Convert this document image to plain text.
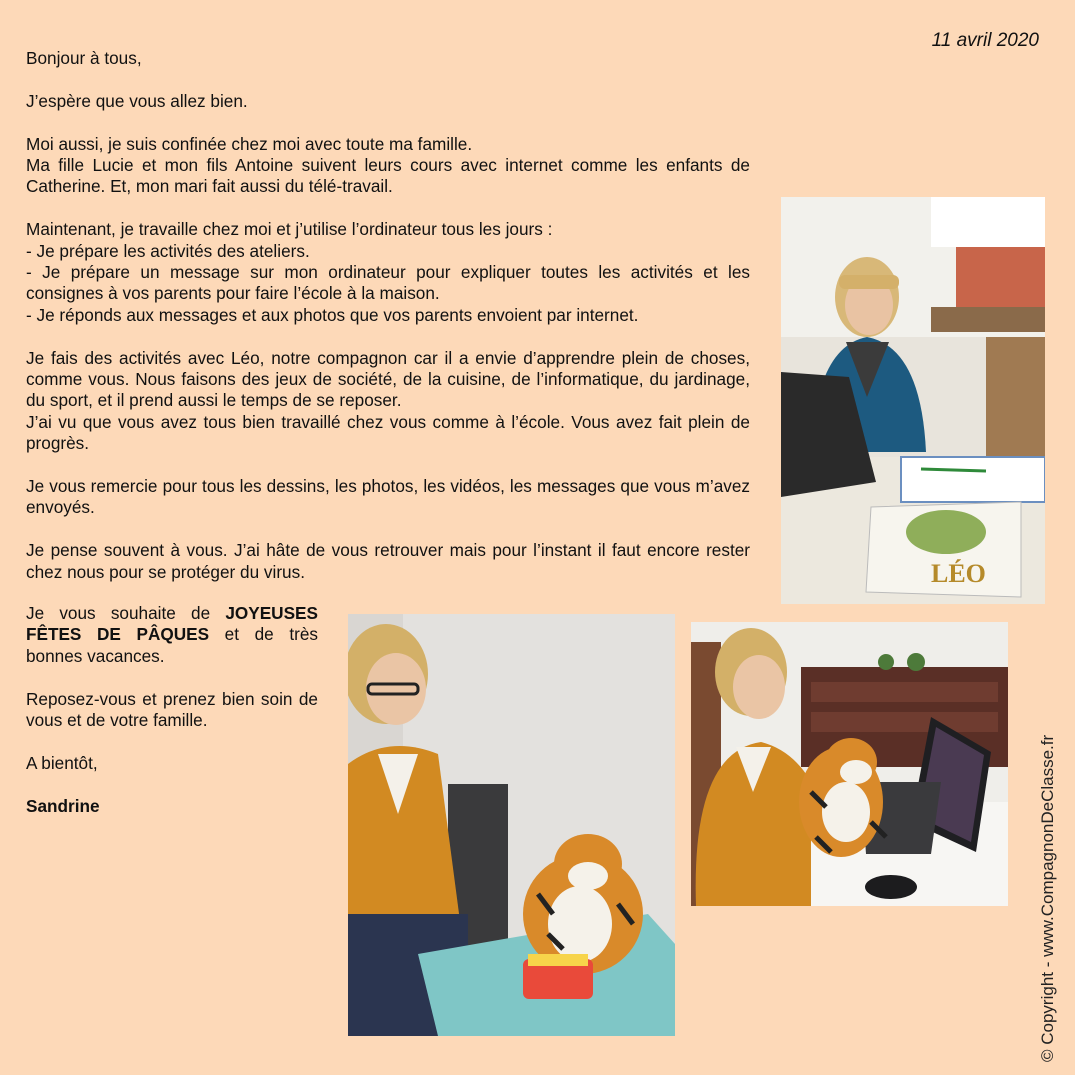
11 avril 2020

Bonjour à tous,

J’espère que vous allez bien.

Moi aussi, je suis confinée chez moi avec toute ma famille.
Ma fille Lucie et mon fils Antoine suivent leurs cours avec internet comme les enfants de Catherine. Et, mon mari fait aussi du télé-travail.

Maintenant, je travaille chez moi et j’utilise l’ordinateur tous les jours :
- Je prépare les activités des ateliers.
- Je prépare un message sur mon ordinateur pour expliquer toutes les activités et les consignes à vos parents pour faire l’école à la maison.
- Je réponds aux messages et aux photos que vos parents envoient par internet.

Je fais des activités avec Léo, notre compagnon car il a envie d’apprendre plein de choses, comme vous. Nous faisons des jeux de société, de la cuisine, de l’informatique, du jardinage, du sport, et il prend aussi le temps de se reposer.
J’ai vu que vous avez tous bien travaillé chez vous comme à l’école. Vous avez fait plein de progrès.

Je vous remercie pour tous les dessins, les photos, les vidéos, les messages que vous m’avez envoyés.

Je pense souvent à vous. J’ai hâte de vous retrouver mais pour l’instant il faut encore rester chez nous pour se protéger du virus.

Je vous souhaite de JOYEUSES FÊTES DE PÂQUES et de très bonnes vacances.

Reposez-vous et prenez bien soin de vous et de votre famille.

A bientôt,

Sandrine

LÉO
© Copyright - www.CompagnonDeClasse.fr
